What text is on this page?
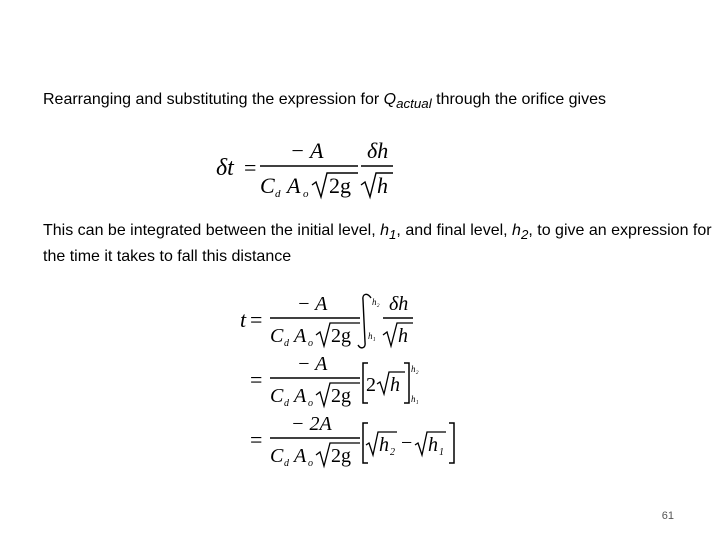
Rearranging and substituting the expression for $Q_{actual}$ through the orifice gives

δt =
− A
C d A o 2g
δh
h

This can be integrated between the initial level, $h_1$, and final level, $h_2$, to give an expression for the time it takes to fall this distance

t =
− A
C d A o 2g
h₂
h₁
δh
h
=
− A
C d A o 2g 2 h
h₂
h₁
=
− 2A
C d A o 2g h 2 − h 1
61
